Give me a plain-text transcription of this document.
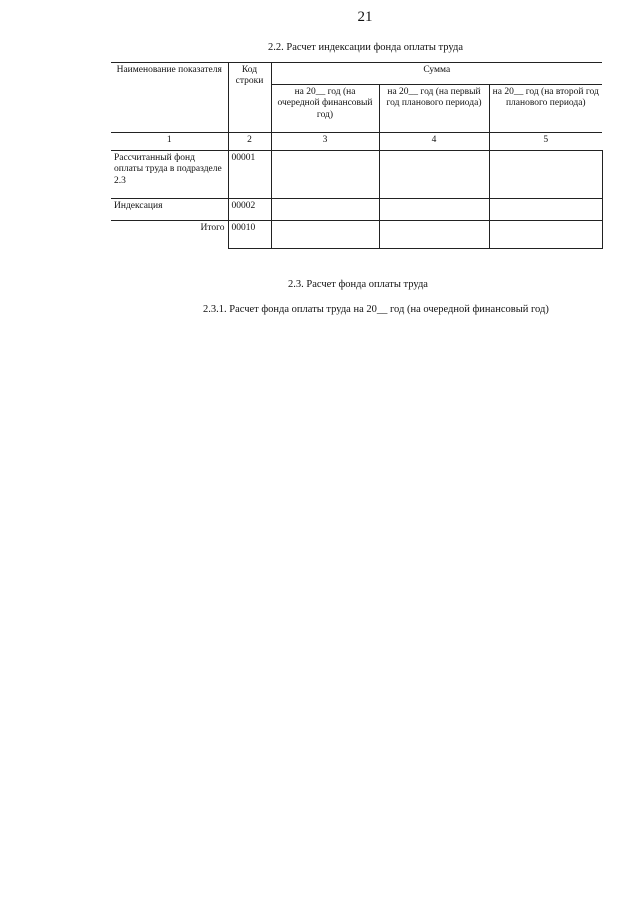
21
2.2. Расчет индексации фонда оплаты труда
Наименование показателя	Код строки	Сумма		
		на 20__ год (на очередной финансовый год)	на 20__ год (на первый год планового периода)	на 20__ год (на второй год планового периода)
1	2	3	4	5
Рассчитанный фонд оплаты труда в подразделе 2.3	00001			
Индексация	00002			
Итого	00010			
2.3. Расчет фонда оплаты труда
2.3.1. Расчет фонда оплаты труда на 20__ год (на очередной финансовый год)
